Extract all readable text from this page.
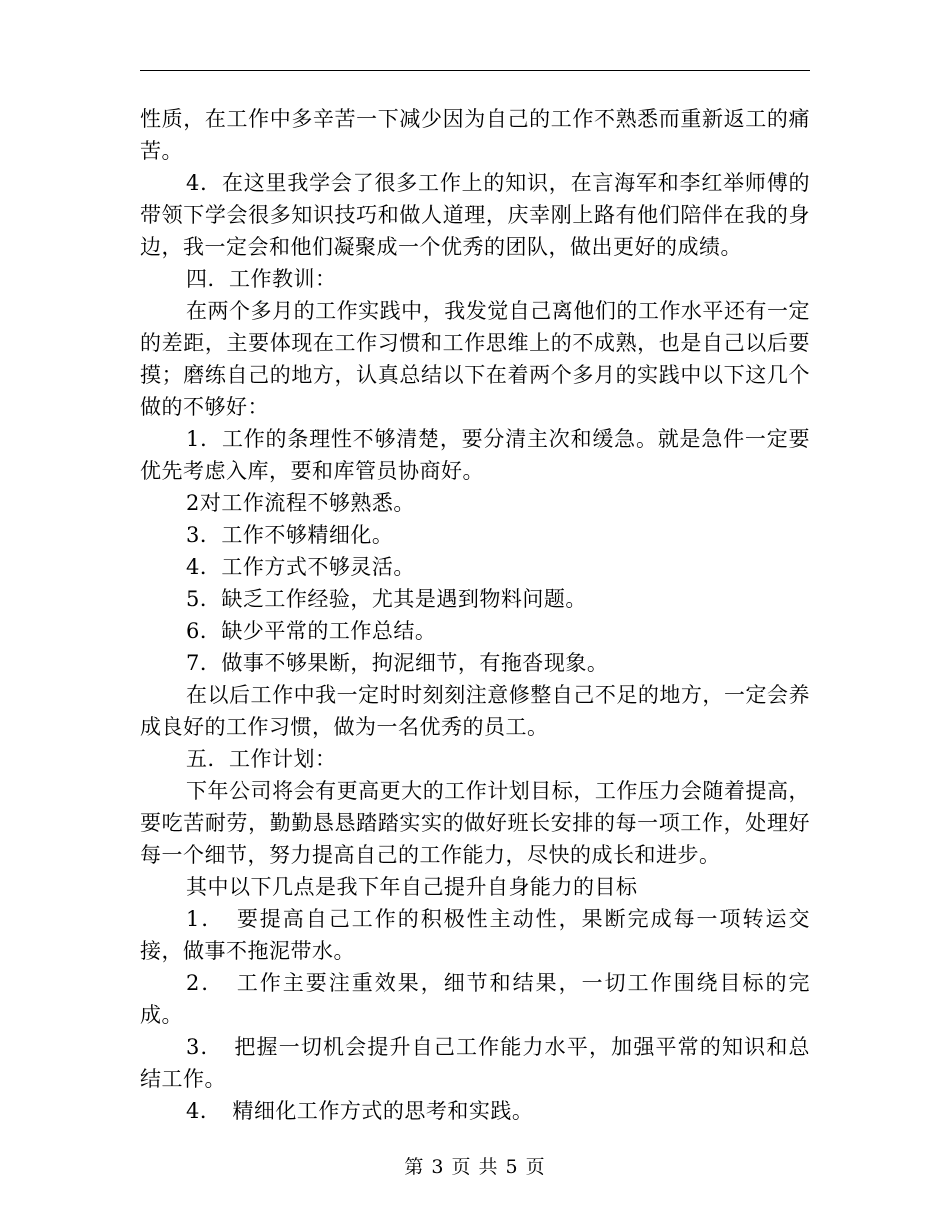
性质，在工作中多辛苦一下减少因为自己的工作不熟悉而重新返工的痛苦。

4．在这里我学会了很多工作上的知识，在言海军和李红举师傅的带领下学会很多知识技巧和做人道理，庆幸刚上路有他们陪伴在我的身边，我一定会和他们凝聚成一个优秀的团队，做出更好的成绩。

四．工作教训：

在两个多月的工作实践中，我发觉自己离他们的工作水平还有一定的差距，主要体现在工作习惯和工作思维上的不成熟，也是自己以后要摸；磨练自己的地方，认真总结以下在着两个多月的实践中以下这几个做的不够好：

1．工作的条理性不够清楚，要分清主次和缓急。就是急件一定要优先考虑入库，要和库管员协商好。

2对工作流程不够熟悉。

3．工作不够精细化。

4．工作方式不够灵活。

5．缺乏工作经验，尤其是遇到物料问题。

6．缺少平常的工作总结。

7．做事不够果断，拘泥细节，有拖沓现象。

在以后工作中我一定时时刻刻注意修整自己不足的地方，一定会养成良好的工作习惯，做为一名优秀的员工。

五．工作计划：

下年公司将会有更高更大的工作计划目标，工作压力会随着提高，要吃苦耐劳，勤勤恳恳踏踏实实的做好班长安排的每一项工作，处理好每一个细节，努力提高自己的工作能力，尽快的成长和进步。

其中以下几点是我下年自己提升自身能力的目标

1．　要提高自己工作的积极性主动性，果断完成每一项转运交接，做事不拖泥带水。

2．　工作主要注重效果，细节和结果，一切工作围绕目标的完成。

3．　把握一切机会提升自己工作能力水平，加强平常的知识和总结工作。

4．　精细化工作方式的思考和实践。

第 3 页 共 5 页
